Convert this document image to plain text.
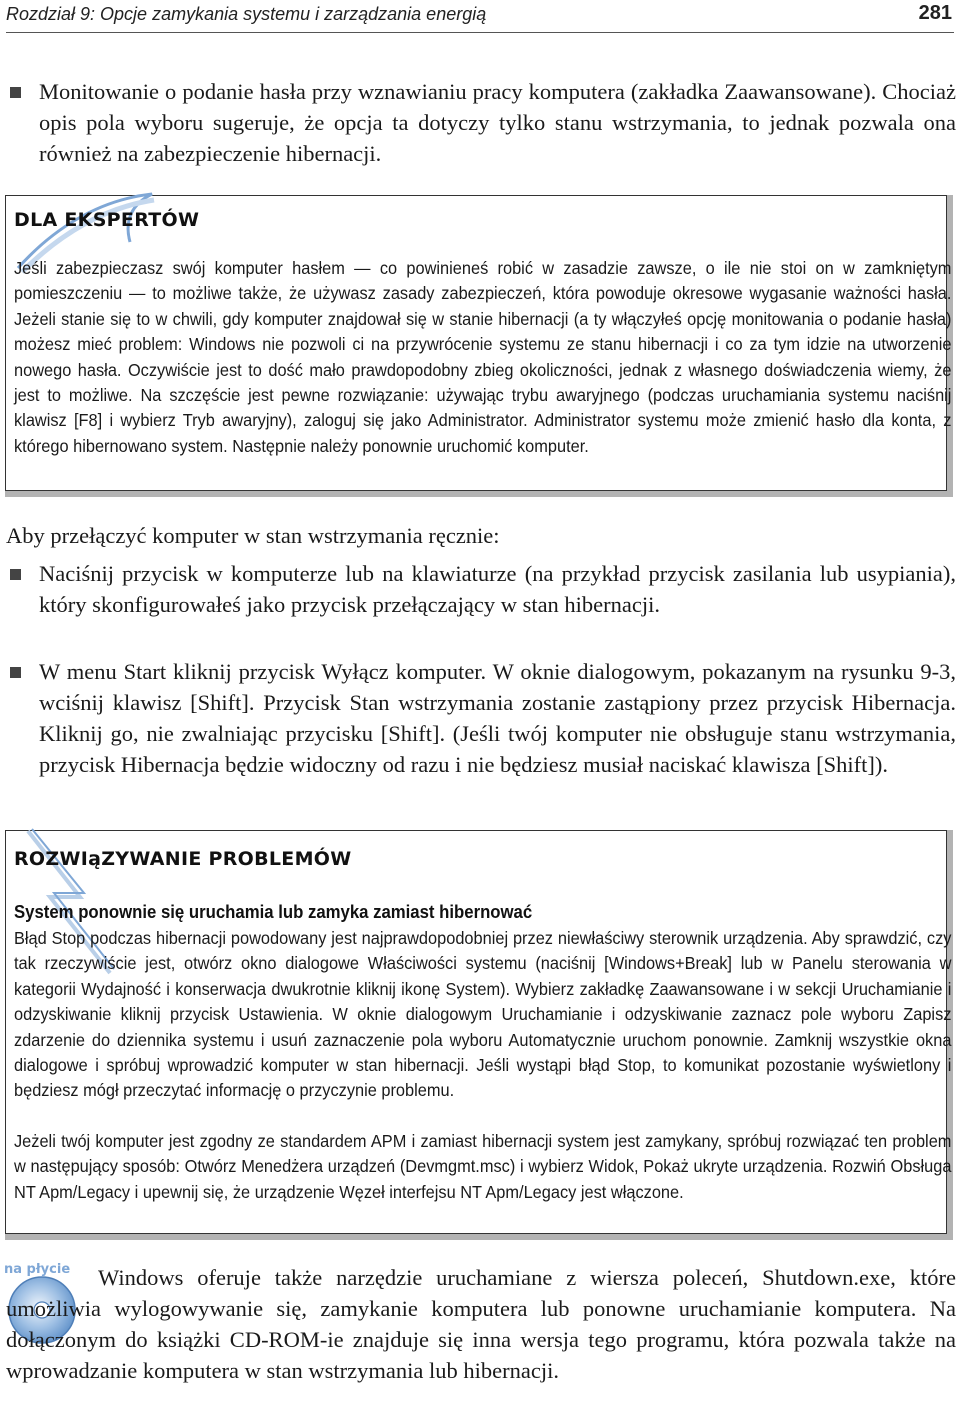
Rozdział 9: Opcje zamykania systemu i zarządzania energią	281
Monitowanie o podanie hasła przy wznawianiu pracy komputera (zakładka Zaawansowane). Chociaż opis pola wyboru sugeruje, że opcja ta dotyczy tylko stanu wstrzymania, to jednak pozwala ona również na zabezpieczenie hibernacji.
DLA EKSPERTÓW
Jeśli zabezpieczasz swój komputer hasłem — co powinieneś robić w zasadzie zawsze, o ile nie stoi on w zamkniętym pomieszczeniu — to możliwe także, że używasz zasady zabezpieczeń, która powoduje okresowe wygasanie ważności hasła. Jeżeli stanie się to w chwili, gdy komputer znajdował się w stanie hibernacji (a ty włączyłeś opcję monitowania o podanie hasła) możesz mieć problem: Windows nie pozwoli ci na przywrócenie systemu ze stanu hibernacji i co za tym idzie na utworzenie nowego hasła. Oczywiście jest to dość mało prawdopodobny zbieg okoliczności, jednak z własnego doświadczenia wiemy, że jest to możliwe. Na szczęście jest pewne rozwiązanie: używając trybu awaryjnego (podczas uruchamiania systemu naciśnij klawisz [F8] i wybierz Tryb awaryjny), zaloguj się jako Administrator. Administrator systemu może zmienić hasło dla konta, z którego hibernowano system. Następnie należy ponownie uruchomić komputer.
Aby przełączyć komputer w stan wstrzymania ręcznie:
Naciśnij przycisk w komputerze lub na klawiaturze (na przykład przycisk zasilania lub usypiania), który skonfigurowałeś jako przycisk przełączający w stan hibernacji.
W menu Start kliknij przycisk Wyłącz komputer. W oknie dialogowym, pokazanym na rysunku 9-3, wciśnij klawisz [Shift]. Przycisk Stan wstrzymania zostanie zastąpiony przez przycisk Hibernacja. Kliknij go, nie zwalniając przycisku [Shift]. (Jeśli twój komputer nie obsługuje stanu wstrzymania, przycisk Hibernacja będzie widoczny od razu i nie będziesz musiał naciskać klawisza [Shift]).
ROZWIąZYWANIE PROBLEMÓW
System ponownie się uruchamia lub zamyka zamiast hibernować
Błąd Stop podczas hibernacji powodowany jest najprawdopodobniej przez niewłaściwy sterownik urządzenia. Aby sprawdzić, czy tak rzeczywiście jest, otwórz okno dialogowe Właściwości systemu (naciśnij [Windows+Break] lub w Panelu sterowania w kategorii Wydajność i konserwacja dwukrotnie kliknij ikonę System). Wybierz zakładkę Zaawansowane i w sekcji Uruchamianie i odzyskiwanie kliknij przycisk Ustawienia. W oknie dialogowym Uruchamianie i odzyskiwanie zaznacz pole wyboru Zapisz zdarzenie do dziennika systemu i usuń zaznaczenie pola wyboru Automatycznie uruchom ponownie. Zamknij wszystkie okna dialogowe i spróbuj wprowadzić komputer w stan hibernacji. Jeśli wystąpi błąd Stop, to komunikat pozostanie wyświetlony i będziesz mógł przeczytać informację o przyczynie problemu.
Jeżeli twój komputer jest zgodny ze standardem APM i zamiast hibernacji system jest zamykany, spróbuj rozwiązać ten problem w następujący sposób: Otwórz Menedżera urządzeń (Devmgmt.msc) i wybierz Widok, Pokaż ukryte urządzenia. Rozwiń Obsługa NT Apm/Legacy i upewnij się, że urządzenie Węzeł interfejsu NT Apm/Legacy jest włączone.
na płycie	Windows oferuje także narzędzie uruchamiane z wiersza poleceń, Shutdown.exe, które umożliwia wylogowywanie się, zamykanie komputera lub ponowne uruchamianie komputera. Na dołączonym do książki CD-ROM-ie znajduje się inna wersja tego programu, która pozwala także na wprowadzanie komputera w stan wstrzymania lub hibernacji.
